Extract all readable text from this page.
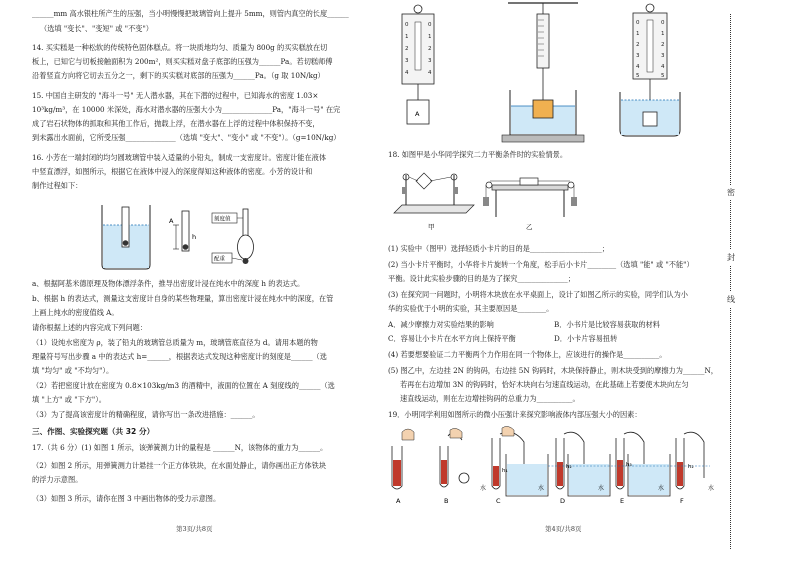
______mm 高水银柱所产生的压强，当小明慢慢把玻璃管向上提升 5mm，则管内真空的长度______
（选填 "变长"、"变短" 或 "不变"）
14. 买实糕是一种松软的传统特色固体糕点。将一块质地均匀、质量为 800g 的买实糕放在切
板上，已知它与切板接触面积为 200m²，则买实糕对盘子底部的压强为______Pa。若切糕师傅
沿着竖直方向将它切去五分之一，剩下的买实糕对底部的压强为______Pa。（g 取 10N/kg）
15. 中国自主研发的 "海斗一号" 无人潜水器，其在下潜的过程中，已知海水的密度 1.03×
10³kg/m³，在 10000 米深处，海水对潜水器的压强大小为______________Pa，"海斗一号" 在完
成了岩石状物体的抓取和其他工作后，抛载上浮，在潜水器在上浮的过程中体积保持不变，
到未露出水面前，它所受压强______________（选填 "变大"、"变小" 或 "不变"）。（g=10N/kg）
16. 小芳在一端封闭的均匀圆玻璃管中装入适量的小铅丸，制成一支密度计。密度计能在液体
中竖直漂浮，如图所示，根据它在液体中浸入的深度得知这种液体的密度。小芳的设计和
制作过程如下：
A
h
刻度值
配重
a、根据阿基米德原理及物体漂浮条件，推导出密度计浸在纯水中的深度 h 的表达式。
b、根据 h 的表达式，测量这支密度计自身的某些物理量，算出密度计浸在纯水中的深度，在管
上画上纯水的密度值线 A。
请你根据上述的内容完成下列问题：
（1）设纯水密度为 ρ，装了铅丸的玻璃管总质量为 m，玻璃管底直径为 d。请用本题的物
理量符号写出步骤 a 中的表达式 h=______，根据表达式发现这种密度计的刻度是______（选
填 "均匀" 或 "不均匀"）。
（2）若把密度计放在密度为 0.8×103kg/m3 的酒精中，液面的位置在 A 刻度线的______（选
填 "上方" 或 "下方"）。
（3）为了提高该密度计的精确程度，请你写出一条改进措施：______。
三、作图、实验探究题（共 32 分）
17.（共 6 分）(1) 如图 1 所示，该弹簧测力计的量程是 ______N，该物体的重力为______。
（2）如图 2 所示，用弹簧测力计悬挂一个正方体铁块，在水面处静止，请你画出正方体铁块
的浮力示意图。
（3）如图 3 所示，请你在图 3 中画出物体的受力示意图。
第3页/共8页
0
1
2
3
4
0
1
2
3
4
A
0
1
2
3
4
5
0
1
2
3
4
5
18. 如图甲是小华同学探究二力平衡条件时的实验情景。
甲	乙
(1) 实验中（图甲）选择轻质小卡片的目的是____________________；
(2) 当小卡片平衡时，小华将卡片旋转一个角度，松手后小卡片________（选填 "能" 或 "不能"）
平衡。设计此实验步骤的目的是为了探究______________；
(3) 在探究同一问题时，小明将木块放在水平桌面上，设计了如图乙所示的实验，同学们认为小
华的实验优于小明的实验，其主要原因是________。
A．减少摩擦力对实验结果的影响	B．小书片是比较容易获取的材料
C．容易让小卡片在水平方向上保持平衡	D．小卡片容易扭转
(4) 若要想要验证二力平衡两个力作用在同一个物体上，应该进行的操作是__________。
(5) 图乙中，左边挂 2N 的钩码，右边挂 5N 钩码时，木块保持静止，则木块受到的摩擦力为______N，
若再在右边增加 3N 的钩码时，恰好木块向右匀速直线运动，在此基础上若要使木块向左匀
速直线运动，则在左边增挂钩码的总重力为__________。
19．小明同学利用如图所示的微小压强计来探究影响液体内部压强大小的因素：
A	B	C	D	E	F
水	水	水	水	水
h₁
h₂	h₃	h₂
第4页/共8页
密
封
线
